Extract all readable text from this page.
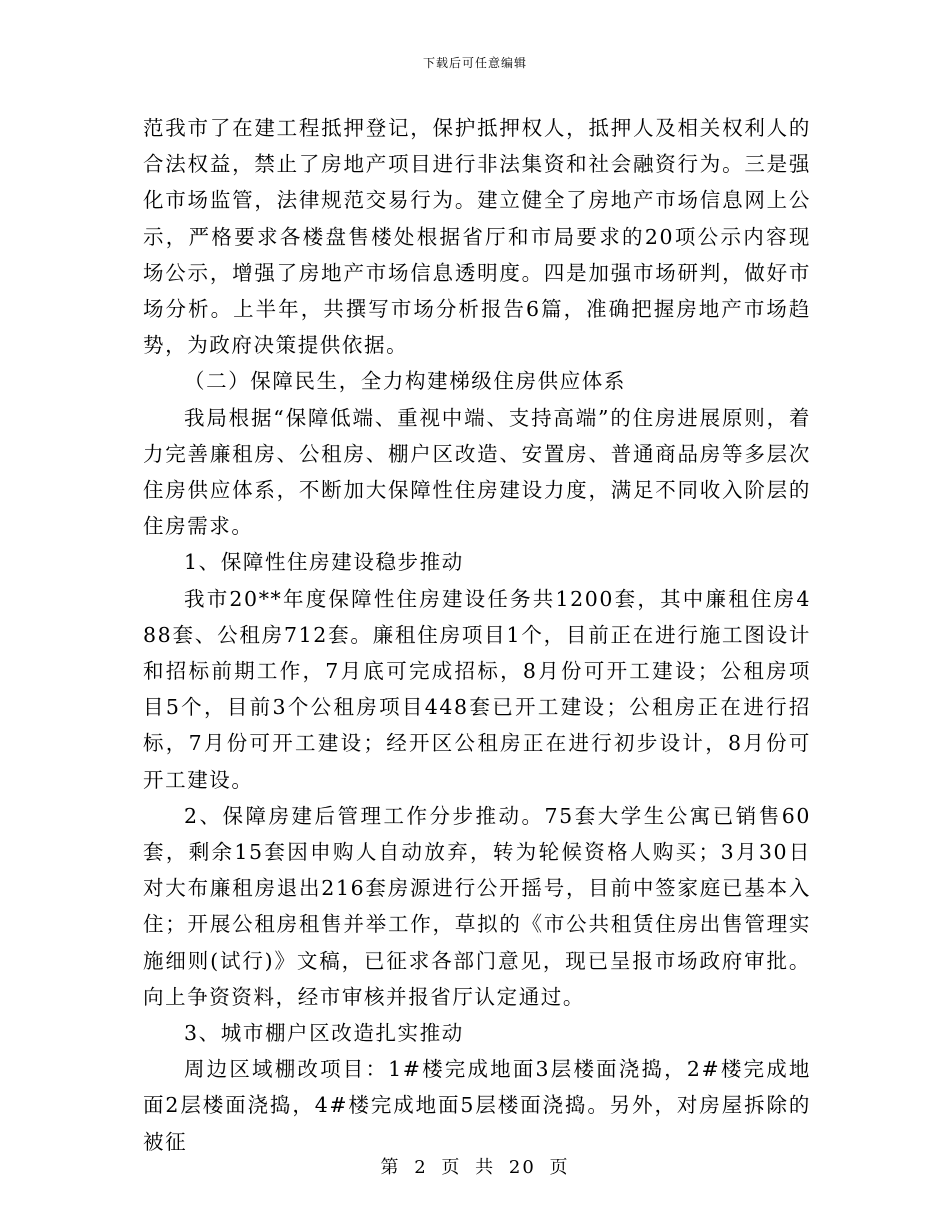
下载后可任意编辑

范我市了在建工程抵押登记，保护抵押权人，抵押人及相关权利人的合法权益，禁止了房地产项目进行非法集资和社会融资行为。三是强化市场监管，法律规范交易行为。建立健全了房地产市场信息网上公示，严格要求各楼盘售楼处根据省厅和市局要求的20项公示内容现场公示，增强了房地产市场信息透明度。四是加强市场研判，做好市场分析。上半年，共撰写市场分析报告6篇，准确把握房地产市场趋势，为政府决策提供依据。

（二）保障民生，全力构建梯级住房供应体系

我局根据“保障低端、重视中端、支持高端”的住房进展原则，着力完善廉租房、公租房、棚户区改造、安置房、普通商品房等多层次住房供应体系，不断加大保障性住房建设力度，满足不同收入阶层的住房需求。

1、保障性住房建设稳步推动

我市20**年度保障性住房建设任务共1200套，其中廉租住房488套、公租房712套。廉租住房项目1个，目前正在进行施工图设计和招标前期工作，7月底可完成招标，8月份可开工建设；公租房项目5个，目前3个公租房项目448套已开工建设；公租房正在进行招标，7月份可开工建设；经开区公租房正在进行初步设计，8月份可开工建设。

2、保障房建后管理工作分步推动。75套大学生公寓已销售60套，剩余15套因申购人自动放弃，转为轮候资格人购买；3月30日对大布廉租房退出216套房源进行公开摇号，目前中签家庭已基本入住；开展公租房租售并举工作，草拟的《市公共租赁住房出售管理实施细则(试行)》文稿，已征求各部门意见，现已呈报市场政府审批。向上争资资料，经市审核并报省厅认定通过。

3、城市棚户区改造扎实推动

周边区域棚改项目：1#楼完成地面3层楼面浇捣，2#楼完成地面2层楼面浇捣，4#楼完成地面5层楼面浇捣。另外，对房屋拆除的被征

第 2 页 共 20 页
